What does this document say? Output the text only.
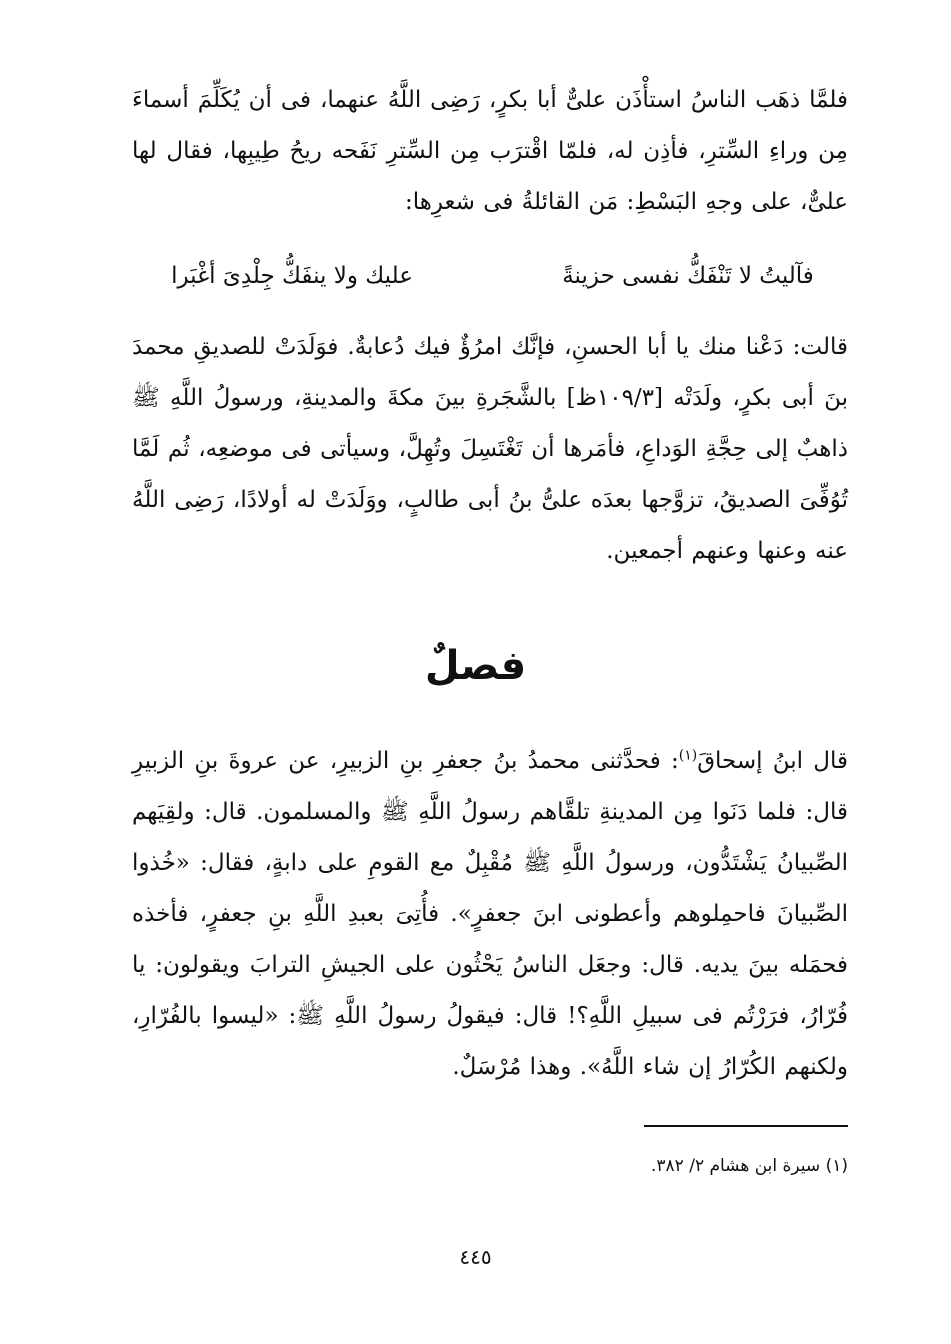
فلمَّا ذهَب الناسُ استأْذَن علىٌّ أبا بكرٍ، رَضِى اللَّهُ عنهما، فى أن يُكَلِّمَ أسماءَ مِن وراءِ السِّترِ، فأذِن له، فلمّا اقْترَب مِن السِّترِ نَفَحه ريحُ طِيبِها، فقال لها علىٌّ، على وجهِ البَسْطِ: مَن القائلةُ فى شعرِها:

فآليتُ لا تَنْفَكُّ نفسى حزينةً
عليك ولا ينفَكُّ جِلْدِىَ أغْبَرا

قالت: دَعْنا منك يا أبا الحسنِ، فإنَّك امرُؤٌ فيك دُعابةٌ. فوَلَدَتْ للصديقِ محمدَ بنَ أبى بكرٍ، ولَدَتْه [١٠٩/٣ظ] بالشَّجَرةِ بينَ مكةَ والمدينةِ، ورسولُ اللَّهِ ﷺ ذاهبٌ إلى حِجَّةِ الوَداعِ، فأمَرها أن تَغْتَسِلَ وتُهِلَّ، وسيأتى فى موضعِه، ثُم لَمَّا تُوُفِّىَ الصديقُ، تزوَّجها بعدَه علىُّ بنُ أبى طالبٍ، ووَلَدَتْ له أولادًا، رَضِى اللَّهُ عنه وعنها وعنهم أجمعين.

فصلٌ

قال ابنُ إسحاقَ$^{(١)}$: فحدَّثنى محمدُ بنُ جعفرِ بنِ الزبيرِ، عن عروةَ بنِ الزبيرِ قال: فلما دَنَوا مِن المدينةِ تلقَّاهم رسولُ اللَّهِ ﷺ والمسلمون. قال: ولقِيَهم الصِّبيانُ يَشْتَدُّون، ورسولُ اللَّهِ ﷺ مُقْبِلٌ مع القومِ على دابةٍ، فقال: «خُذوا الصِّبيانَ فاحمِلوهم وأعطونى ابنَ جعفرٍ». فأُتِىَ بعبدِ اللَّهِ بنِ جعفرٍ، فأخذه فحمَله بينَ يديه. قال: وجعَل الناسُ يَحْثُون على الجيشِ الترابَ ويقولون: يا فُرّارُ، فرَرْتُم فى سبيلِ اللَّهِ؟! قال: فيقولُ رسولُ اللَّهِ ﷺ: «ليسوا بالفُرّارِ، ولكنهم الكُرّارُ إن شاء اللَّهُ». وهذا مُرْسَلٌ.

(١) سيرة ابن هشام ٢/ ٣٨٢.
٤٤٥
